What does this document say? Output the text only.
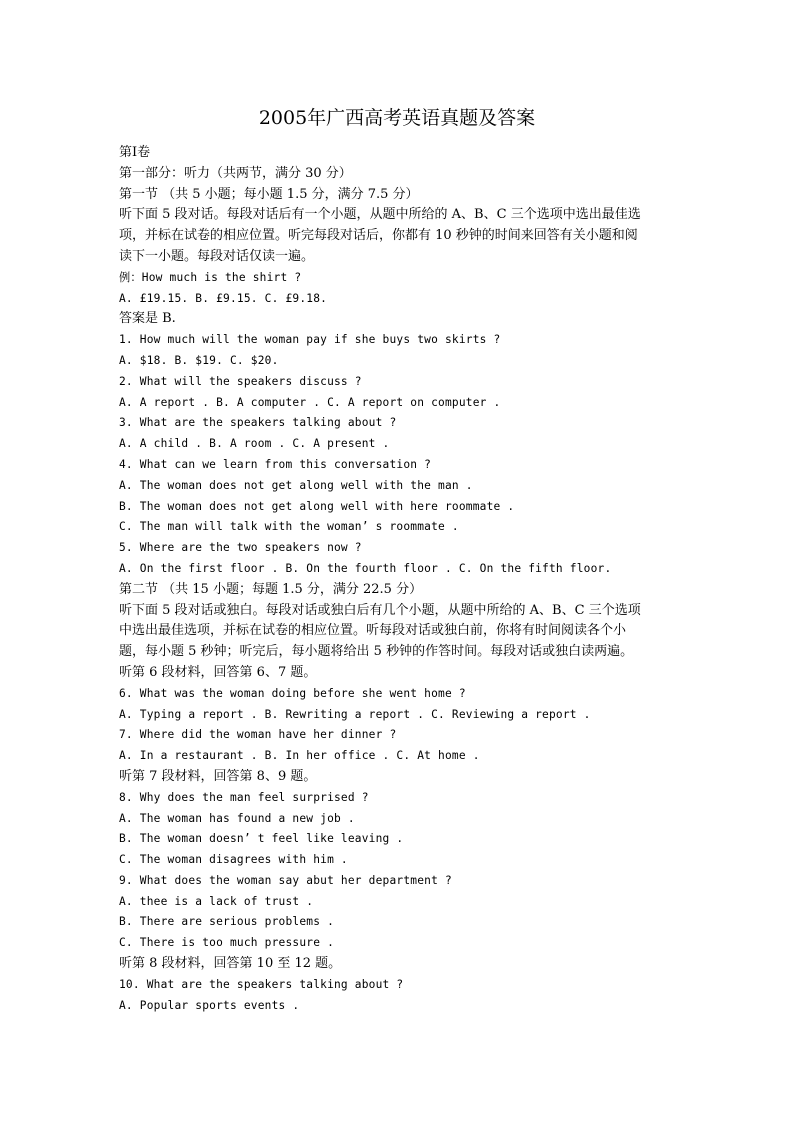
2005年广西高考英语真题及答案
第Ⅰ卷
第一部分：听力（共两节，满分 30 分）
第一节 （共 5 小题；每小题 1.5 分，满分 7.5 分）
听下面 5 段对话。每段对话后有一个小题，从题中所给的 A、B、C 三个选项中选出最佳选
项，并标在试卷的相应位置。听完每段对话后，你都有 10 秒钟的时间来回答有关小题和阅
读下一小题。每段对话仅读一遍。
例：How much is the shirt ?
A. £19.15. B. £9.15. C. £9.18.
答案是 B.
1. How much will the woman pay if she buys two skirts ?
A. $18. B. $19. C. $20.
2. What will the speakers discuss ?
A. A report . B. A computer . C. A report on computer .
3. What are the speakers talking about ?
A. A child . B. A room . C. A present .
4. What can we learn from this conversation ?
A. The woman does not get along well with the man .
B. The woman does not get along well with here roommate .
C. The man will talk with the woman’ s roommate .
5. Where are the two speakers now ?
A. On the first floor . B. On the fourth floor . C. On the fifth floor.
第二节 （共 15 小题；每题 1.5 分，满分 22.5 分）
听下面 5 段对话或独白。每段对话或独白后有几个小题，从题中所给的 A、B、C 三个选项
中选出最佳选项，并标在试卷的相应位置。听每段对话或独白前，你将有时间阅读各个小
题，每小题 5 秒钟；听完后，每小题将给出 5 秒钟的作答时间。每段对话或独白读两遍。
听第 6 段材料，回答第 6、7 题。
6. What was the woman doing before she went home ?
A. Typing a report . B. Rewriting a report . C. Reviewing a report .
7. Where did the woman have her dinner ?
A. In a restaurant . B. In her office . C. At home .
听第 7 段材料，回答第 8、9 题。
8. Why does the man feel surprised ?
A. The woman has found a new job .
B. The woman doesn’ t feel like leaving .
C. The woman disagrees with him .
9. What does the woman say abut her department ?
A. thee is a lack of trust .
B. There are serious problems .
C. There is too much pressure .
听第 8 段材料，回答第 10 至 12 题。
10. What are the speakers talking about ?
A. Popular sports events .
